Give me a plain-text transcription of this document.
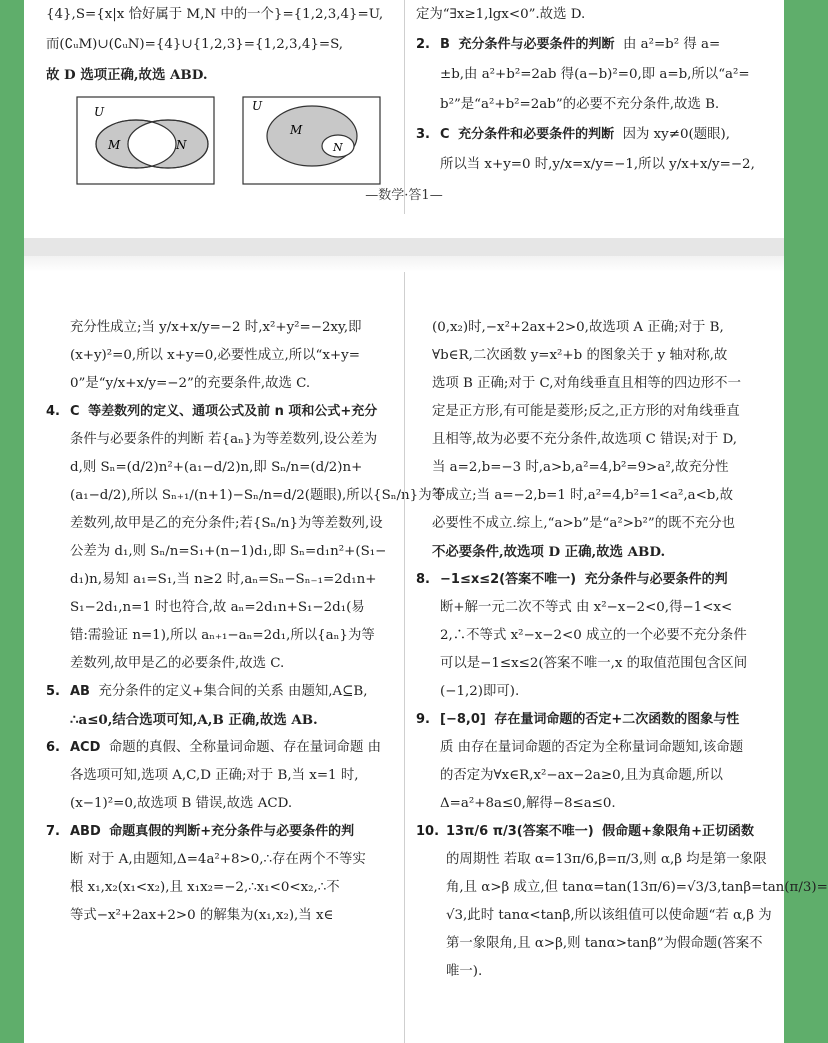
{4},S={x|x 恰好属于 M,N 中的一个}={1,2,3,4}=U,
而(∁ᵤM)∪(∁ᵤN)={4}∪{1,2,3}={1,2,3,4}=S,
故 D 选项正确,故选 ABD.
U
M	N
U
M
N
定为“∃x≥1,lgx<0”.故选 D.
2. B 充分条件与必要条件的判断 由 a²=b² 得 a=
±b,由 a²+b²=2ab 得(a−b)²=0,即 a=b,所以“a²=
b²”是“a²+b²=2ab”的必要不充分条件,故选 B.
3. C 充分条件和必要条件的判断 因为 xy≠0(题眼),
所以当 x+y=0 时,y/x=x/y=−1,所以 y/x+x/y=−2,
—数学·答1—
充分性成立;当 y/x+x/y=−2 时,x²+y²=−2xy,即
(x+y)²=0,所以 x+y=0,必要性成立,所以“x+y=
0”是“y/x+x/y=−2”的充要条件,故选 C.
4. C 等差数列的定义、通项公式及前 n 项和公式+充分
条件与必要条件的判断 若{aₙ}为等差数列,设公差为
d,则 Sₙ=(d/2)n²+(a₁−d/2)n,即 Sₙ/n=(d/2)n+
(a₁−d/2),所以 Sₙ₊₁/(n+1)−Sₙ/n=d/2(题眼),所以{Sₙ/n}为等
差数列,故甲是乙的充分条件;若{Sₙ/n}为等差数列,设
公差为 d₁,则 Sₙ/n=S₁+(n−1)d₁,即 Sₙ=d₁n²+(S₁−
d₁)n,易知 a₁=S₁,当 n≥2 时,aₙ=Sₙ−Sₙ₋₁=2d₁n+
S₁−2d₁,n=1 时也符合,故 aₙ=2d₁n+S₁−2d₁(易
错:需验证 n=1),所以 aₙ₊₁−aₙ=2d₁,所以{aₙ}为等
差数列,故甲是乙的必要条件,故选 C.
5. AB 充分条件的定义+集合间的关系 由题知,A⊆B,
∴a≤0,结合选项可知,A,B 正确,故选 AB.
6. ACD 命题的真假、全称量词命题、存在量词命题 由
各选项可知,选项 A,C,D 正确;对于 B,当 x=1 时,
(x−1)²=0,故选项 B 错误,故选 ACD.
7. ABD 命题真假的判断+充分条件与必要条件的判
断 对于 A,由题知,Δ=4a²+8>0,∴存在两个不等实
根 x₁,x₂(x₁<x₂),且 x₁x₂=−2,∴x₁<0<x₂,∴不
等式−x²+2ax+2>0 的解集为(x₁,x₂),当 x∈
(0,x₂)时,−x²+2ax+2>0,故选项 A 正确;对于 B,
∀b∈R,二次函数 y=x²+b 的图象关于 y 轴对称,故
选项 B 正确;对于 C,对角线垂直且相等的四边形不一
定是正方形,有可能是菱形;反之,正方形的对角线垂直
且相等,故为必要不充分条件,故选项 C 错误;对于 D,
当 a=2,b=−3 时,a>b,a²=4,b²=9>a²,故充分性
不成立;当 a=−2,b=1 时,a²=4,b²=1<a²,a<b,故
必要性不成立.综上,“a>b”是“a²>b²”的既不充分也
不必要条件,故选项 D 正确,故选 ABD.
8. −1≤x≤2(答案不唯一) 充分条件与必要条件的判
断+解一元二次不等式 由 x²−x−2<0,得−1<x<
2,∴不等式 x²−x−2<0 成立的一个必要不充分条件
可以是−1≤x≤2(答案不唯一,x 的取值范围包含区间
(−1,2)即可).
9. [−8,0] 存在量词命题的否定+二次函数的图象与性
质 由存在量词命题的否定为全称量词命题知,该命题
的否定为∀x∈R,x²−ax−2a≥0,且为真命题,所以
Δ=a²+8a≤0,解得−8≤a≤0.
10. 13π/6 π/3(答案不唯一) 假命题+象限角+正切函数
的周期性 若取 α=13π/6,β=π/3,则 α,β 均是第一象限
角,且 α>β 成立,但 tanα=tan(13π/6)=√3/3,tanβ=tan(π/3)=
√3,此时 tanα<tanβ,所以该组值可以使命题“若 α,β 为
第一象限角,且 α>β,则 tanα>tanβ”为假命题(答案不
唯一).
